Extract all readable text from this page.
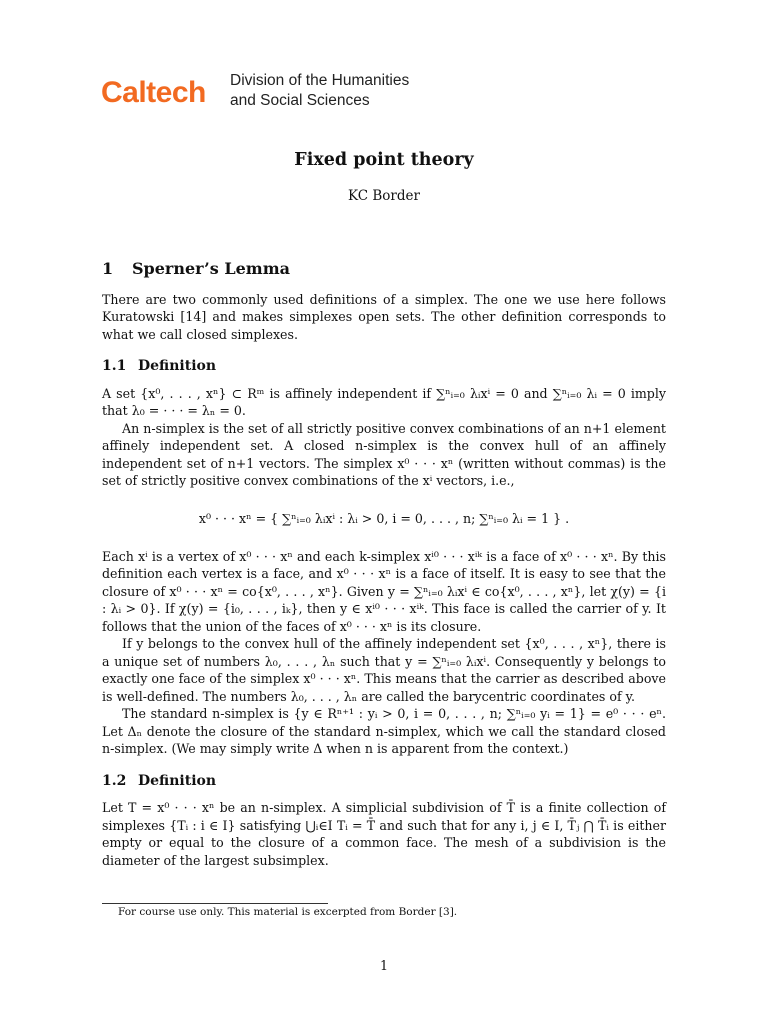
Caltech Division of the Humanities
and Social Sciences
Fixed point theory
KC Border
1 Sperner’s Lemma

There are two commonly used definitions of a simplex. The one we use here follows Kuratowski [14] and makes simplexes open sets. The other definition corresponds to what we call closed simplexes.

1.1 Definition

A set {x⁰, . . . , xⁿ} ⊂ Rᵐ is affinely independent if ∑ⁿᵢ₌₀ λᵢxⁱ = 0 and ∑ⁿᵢ₌₀ λᵢ = 0 imply that λ₀ = · · · = λₙ = 0.

An n-simplex is the set of all strictly positive convex combinations of an n+1 element affinely independent set. A closed n-simplex is the convex hull of an affinely independent set of n+1 vectors. The simplex x⁰ · · · xⁿ (written without commas) is the set of strictly positive convex combinations of the xⁱ vectors, i.e.,

x⁰ · · · xⁿ = { ∑ⁿᵢ₌₀ λᵢxⁱ : λᵢ > 0, i = 0, . . . , n; ∑ⁿᵢ₌₀ λᵢ = 1 } .

Each xⁱ is a vertex of x⁰ · · · xⁿ and each k-simplex xⁱ⁰ · · · xⁱᵏ is a face of x⁰ · · · xⁿ. By this definition each vertex is a face, and x⁰ · · · xⁿ is a face of itself. It is easy to see that the closure of x⁰ · · · xⁿ = co{x⁰, . . . , xⁿ}. Given y = ∑ⁿᵢ₌₀ λᵢxⁱ ∈ co{x⁰, . . . , xⁿ}, let χ(y) = {i : λᵢ > 0}. If χ(y) = {i₀, . . . , iₖ}, then y ∈ xⁱ⁰ · · · xⁱᵏ. This face is called the carrier of y. It follows that the union of the faces of x⁰ · · · xⁿ is its closure.

If y belongs to the convex hull of the affinely independent set {x⁰, . . . , xⁿ}, there is a unique set of numbers λ₀, . . . , λₙ such that y = ∑ⁿᵢ₌₀ λᵢxⁱ. Consequently y belongs to exactly one face of the simplex x⁰ · · · xⁿ. This means that the carrier as described above is well-defined. The numbers λ₀, . . . , λₙ are called the barycentric coordinates of y.

The standard n-simplex is {y ∈ Rⁿ⁺¹ : yᵢ > 0, i = 0, . . . , n; ∑ⁿᵢ₌₀ yᵢ = 1} = e⁰ · · · eⁿ. Let Δₙ denote the closure of the standard n-simplex, which we call the standard closed n-simplex. (We may simply write Δ when n is apparent from the context.)

1.2 Definition

Let T = x⁰ · · · xⁿ be an n-simplex. A simplicial subdivision of T̄ is a finite collection of simplexes {Tᵢ : i ∈ I} satisfying ⋃ᵢ∈I Tᵢ = T̄ and such that for any i, j ∈ I, T̄ⱼ ⋂ T̄ᵢ is either empty or equal to the closure of a common face. The mesh of a subdivision is the diameter of the largest subsimplex.

For course use only. This material is excerpted from Border [3].
1
